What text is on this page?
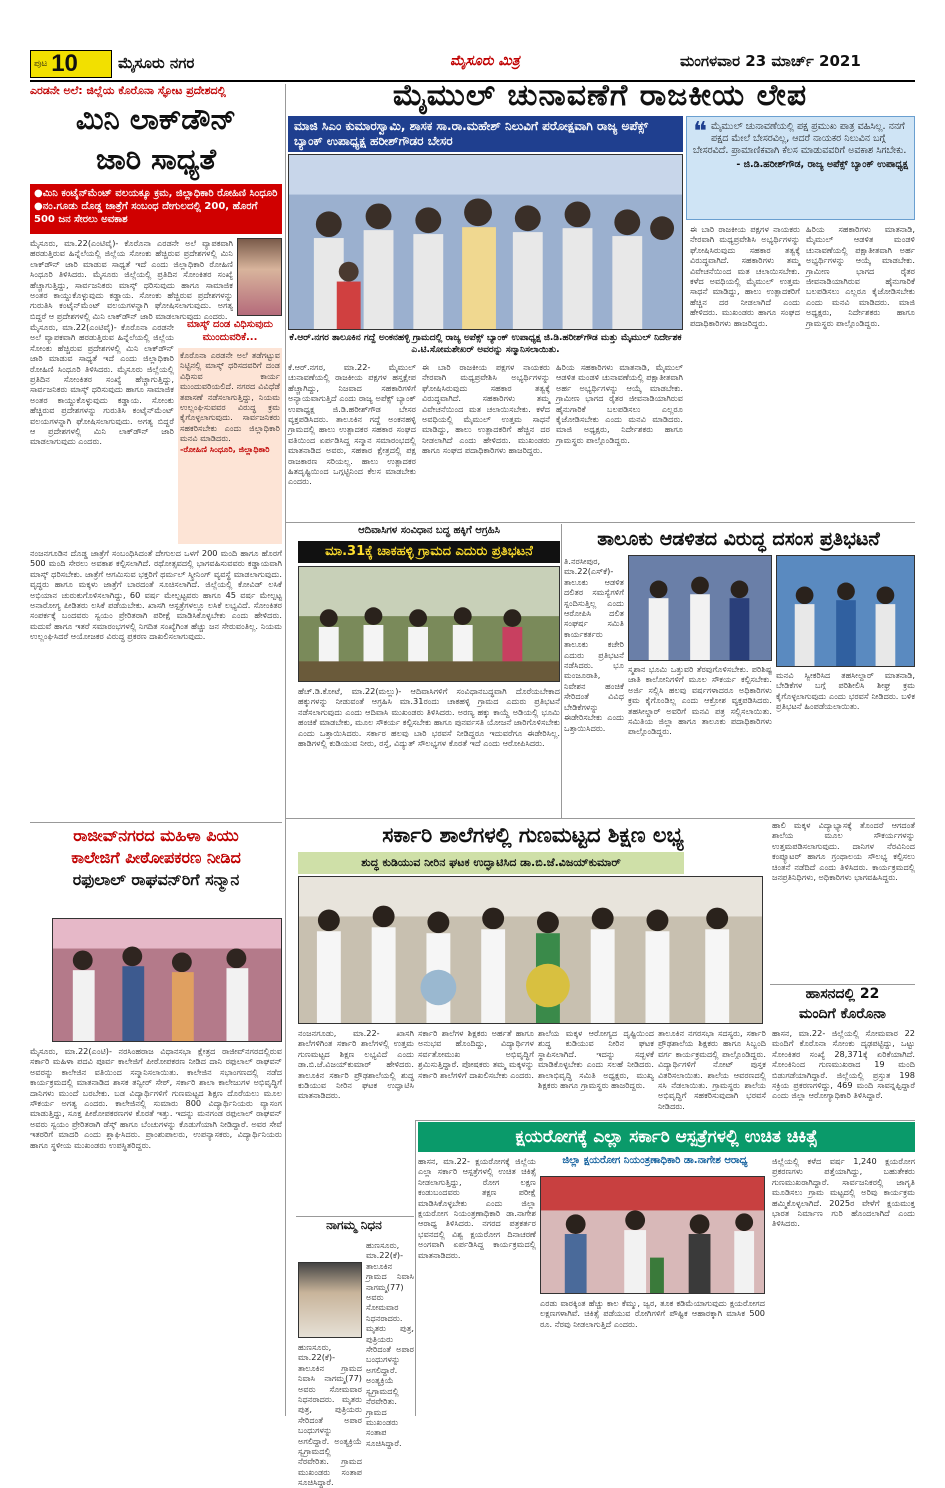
ಪುಟ 10	ಮೈಸೂರು ನಗರ	ಮೈಸೂರು ಮಿತ್ರ	ಮಂಗಳವಾರ 23 ಮಾರ್ಚ್ 2021
ಮೈಮುಲ್ ಚುನಾವಣೆಗೆ ರಾಜಕೀಯ ಲೇಪ
ಮಾಜಿ ಸಿಎಂ ಕುಮಾರಸ್ವಾಮಿ, ಶಾಸಕ ಸಾ.ರಾ.ಮಹೇಶ್ ನಿಲುವಿಗೆ ಪರೋಕ್ಷವಾಗಿ ರಾಜ್ಯ ಅಪೆಕ್ಸ್ ಬ್ಯಾಂಕ್ ಉಪಾಧ್ಯಕ್ಷ ಹರೀಶ್‌ಗೌಡರ ಬೇಸರ	❝ ಮೈಮುಲ್ ಚುನಾವಣೆಯಲ್ಲಿ ಪಕ್ಷ ಪ್ರಮುಖ ಪಾತ್ರ ವಹಿಸಿಲ್ಲ. ನನಗೆ ಪಕ್ಷದ ಮೇಲೆ ಬೇಸರವಿಲ್ಲ, ಆದರೆ ನಾಯಕರ ನಿಲುವಿನ ಬಗ್ಗೆ ಬೇಸರವಿದೆ. ಪ್ರಾಮಾಣಿಕವಾಗಿ ಕೆಲಸ ಮಾಡುವವರಿಗೆ ಅವಕಾಶ ಸಿಗಬೇಕು.
- ಜಿ.ಡಿ.ಹರೀಶ್‌ಗೌಡ, ರಾಜ್ಯ ಅಪೆಕ್ಸ್ ಬ್ಯಾಂಕ್ ಉಪಾಧ್ಯಕ್ಷ
ಕೆ.ಆರ್.ನಗರ ತಾಲೂಕಿನ ಗದ್ದೆ ಅಂಕನಹಳ್ಳಿ ಗ್ರಾಮದಲ್ಲಿ ರಾಜ್ಯ ಅಪೆಕ್ಸ್ ಬ್ಯಾಂಕ್ ಉಪಾಧ್ಯಕ್ಷ ಜಿ.ಡಿ.ಹರೀಶ್‌ಗೌಡ ಮತ್ತು ಮೈಮುಲ್ ನಿರ್ದೇಶಕ ಎ.ಟಿ.ಸೋಮಶೇಖರ್ ಅವರನ್ನು ಸನ್ಮಾನಿಸಲಾಯಿತು.
ಕೆ.ಆರ್.ನಗರ, ಮಾ.22- ಮೈಮುಲ್ ಚುನಾವಣೆಯಲ್ಲಿ ರಾಜಕೀಯ ಪಕ್ಷಗಳ ಹಸ್ತಕ್ಷೇಪ ಹೆಚ್ಚಾಗಿದ್ದು, ನಿಜವಾದ ಸಹಕಾರಿಗಳಿಗೆ ಅನ್ಯಾಯವಾಗುತ್ತಿದೆ ಎಂದು ರಾಜ್ಯ ಅಪೆಕ್ಸ್ ಬ್ಯಾಂಕ್ ಉಪಾಧ್ಯಕ್ಷ ಜಿ.ಡಿ.ಹರೀಶ್‌ಗೌಡ ಬೇಸರ ವ್ಯಕ್ತಪಡಿಸಿದರು. ತಾಲೂಕಿನ ಗದ್ದೆ ಅಂಕನಹಳ್ಳಿ ಗ್ರಾಮದಲ್ಲಿ ಹಾಲು ಉತ್ಪಾದಕರ ಸಹಕಾರ ಸಂಘದ ವತಿಯಿಂದ ಏರ್ಪಡಿಸಿದ್ದ ಸನ್ಮಾನ ಸಮಾರಂಭದಲ್ಲಿ ಮಾತನಾಡಿದ ಅವರು, ಸಹಕಾರ ಕ್ಷೇತ್ರದಲ್ಲಿ ಪಕ್ಷ ರಾಜಕಾರಣ ಸರಿಯಲ್ಲ. ಹಾಲು ಉತ್ಪಾದಕರ ಹಿತದೃಷ್ಟಿಯಿಂದ ಒಗ್ಗಟ್ಟಿನಿಂದ ಕೆಲಸ ಮಾಡಬೇಕು ಎಂದರು.
ಈ ಬಾರಿ ರಾಜಕೀಯ ಪಕ್ಷಗಳ ನಾಯಕರು ನೇರವಾಗಿ ಮಧ್ಯಪ್ರವೇಶಿಸಿ ಅಭ್ಯರ್ಥಿಗಳನ್ನು ಘೋಷಿಸಿರುವುದು ಸಹಕಾರ ತತ್ವಕ್ಕೆ ವಿರುದ್ಧವಾಗಿದೆ. ಸಹಕಾರಿಗಳು ತಮ್ಮ ವಿವೇಚನೆಯಿಂದ ಮತ ಚಲಾಯಿಸಬೇಕು. ಕಳೆದ ಅವಧಿಯಲ್ಲಿ ಮೈಮುಲ್ ಉತ್ತಮ ಸಾಧನೆ ಮಾಡಿದ್ದು, ಹಾಲು ಉತ್ಪಾದಕರಿಗೆ ಹೆಚ್ಚಿನ ದರ ನೀಡಲಾಗಿದೆ ಎಂದು ಹೇಳಿದರು. ಮುಖಂಡರು ಹಾಗೂ ಸಂಘದ ಪದಾಧಿಕಾರಿಗಳು ಹಾಜರಿದ್ದರು.
ಹಿರಿಯ ಸಹಕಾರಿಗಳು ಮಾತನಾಡಿ, ಮೈಮುಲ್ ಆಡಳಿತ ಮಂಡಳಿ ಚುನಾವಣೆಯಲ್ಲಿ ಪಕ್ಷಾತೀತವಾಗಿ ಅರ್ಹ ಅಭ್ಯರ್ಥಿಗಳನ್ನು ಆಯ್ಕೆ ಮಾಡಬೇಕು. ಗ್ರಾಮೀಣ ಭಾಗದ ರೈತರ ಜೀವನಾಡಿಯಾಗಿರುವ ಹೈನುಗಾರಿಕೆ ಬಲಪಡಿಸಲು ಎಲ್ಲರೂ ಕೈಜೋಡಿಸಬೇಕು ಎಂದು ಮನವಿ ಮಾಡಿದರು. ಮಾಜಿ ಅಧ್ಯಕ್ಷರು, ನಿರ್ದೇಶಕರು ಹಾಗೂ ಗ್ರಾಮಸ್ಥರು ಪಾಲ್ಗೊಂಡಿದ್ದರು.
ಈ ಬಾರಿ ರಾಜಕೀಯ ಪಕ್ಷಗಳ ನಾಯಕರು ನೇರವಾಗಿ ಮಧ್ಯಪ್ರವೇಶಿಸಿ ಅಭ್ಯರ್ಥಿಗಳನ್ನು ಘೋಷಿಸಿರುವುದು ಸಹಕಾರ ತತ್ವಕ್ಕೆ ವಿರುದ್ಧವಾಗಿದೆ. ಸಹಕಾರಿಗಳು ತಮ್ಮ ವಿವೇಚನೆಯಿಂದ ಮತ ಚಲಾಯಿಸಬೇಕು. ಕಳೆದ ಅವಧಿಯಲ್ಲಿ ಮೈಮುಲ್ ಉತ್ತಮ ಸಾಧನೆ ಮಾಡಿದ್ದು, ಹಾಲು ಉತ್ಪಾದಕರಿಗೆ ಹೆಚ್ಚಿನ ದರ ನೀಡಲಾಗಿದೆ ಎಂದು ಹೇಳಿದರು. ಮುಖಂಡರು ಹಾಗೂ ಸಂಘದ ಪದಾಧಿಕಾರಿಗಳು ಹಾಜರಿದ್ದರು.
ಹಿರಿಯ ಸಹಕಾರಿಗಳು ಮಾತನಾಡಿ, ಮೈಮುಲ್ ಆಡಳಿತ ಮಂಡಳಿ ಚುನಾವಣೆಯಲ್ಲಿ ಪಕ್ಷಾತೀತವಾಗಿ ಅರ್ಹ ಅಭ್ಯರ್ಥಿಗಳನ್ನು ಆಯ್ಕೆ ಮಾಡಬೇಕು. ಗ್ರಾಮೀಣ ಭಾಗದ ರೈತರ ಜೀವನಾಡಿಯಾಗಿರುವ ಹೈನುಗಾರಿಕೆ ಬಲಪಡಿಸಲು ಎಲ್ಲರೂ ಕೈಜೋಡಿಸಬೇಕು ಎಂದು ಮನವಿ ಮಾಡಿದರು. ಮಾಜಿ ಅಧ್ಯಕ್ಷರು, ನಿರ್ದೇಶಕರು ಹಾಗೂ ಗ್ರಾಮಸ್ಥರು ಪಾಲ್ಗೊಂಡಿದ್ದರು.
ಎರಡನೇ ಅಲೆ: ಜಿಲ್ಲೆಯ ಕೊರೊನಾ ಸ್ಫೋಟ ಪ್ರದೇಶದಲ್ಲಿ
ಮಿನಿ ಲಾಕ್‌ಡೌನ್
ಜಾರಿ ಸಾಧ್ಯತೆ
●ಮಿನಿ ಕಂಟೈನ್‌ಮೆಂಟ್ ವಲಯಕ್ಕೂ ಕ್ರಮ, ಜಿಲ್ಲಾಧಿಕಾರಿ ರೋಹಿಣಿ ಸಿಂಧೂರಿ ●ನಂ.ಗೂಡು ದೊಡ್ಡ ಜಾತ್ರೆಗೆ ಸಂಬಂಧ ದೇಗುಲದಲ್ಲಿ 200, ಹೊರಗೆ 500 ಜನ ಸೇರಲು ಅವಕಾಶ
ಮೈಸೂರು, ಮಾ.22(ಎಂಟಿವೈ)- ಕೊರೊನಾ ಎರಡನೇ ಅಲೆ ವ್ಯಾಪಕವಾಗಿ ಹರಡುತ್ತಿರುವ ಹಿನ್ನೆಲೆಯಲ್ಲಿ ಜಿಲ್ಲೆಯ ಸೋಂಕು ಹೆಚ್ಚಿರುವ ಪ್ರದೇಶಗಳಲ್ಲಿ ಮಿನಿ ಲಾಕ್‌ಡೌನ್ ಜಾರಿ ಮಾಡುವ ಸಾಧ್ಯತೆ ಇದೆ ಎಂದು ಜಿಲ್ಲಾಧಿಕಾರಿ ರೋಹಿಣಿ ಸಿಂಧೂರಿ ತಿಳಿಸಿದರು. ಮೈಸೂರು ಜಿಲ್ಲೆಯಲ್ಲಿ ಪ್ರತಿದಿನ ಸೋಂಕಿತರ ಸಂಖ್ಯೆ ಹೆಚ್ಚಾಗುತ್ತಿದ್ದು, ಸಾರ್ವಜನಿಕರು ಮಾಸ್ಕ್ ಧರಿಸುವುದು ಹಾಗೂ ಸಾಮಾಜಿಕ ಅಂತರ ಕಾಯ್ದುಕೊಳ್ಳುವುದು ಕಡ್ಡಾಯ. ಸೋಂಕು ಹೆಚ್ಚಿರುವ ಪ್ರದೇಶಗಳನ್ನು ಗುರುತಿಸಿ ಕಂಟೈನ್‌ಮೆಂಟ್ ವಲಯಗಳನ್ನಾಗಿ ಘೋಷಿಸಲಾಗುವುದು. ಅಗತ್ಯ ಬಿದ್ದರೆ ಆ ಪ್ರದೇಶಗಳಲ್ಲಿ ಮಿನಿ ಲಾಕ್‌ಡೌನ್ ಜಾರಿ ಮಾಡಲಾಗುವುದು ಎಂದರು.
ಮೈಸೂರು, ಮಾ.22(ಎಂಟಿವೈ)- ಕೊರೊನಾ ಎರಡನೇ ಅಲೆ ವ್ಯಾಪಕವಾಗಿ ಹರಡುತ್ತಿರುವ ಹಿನ್ನೆಲೆಯಲ್ಲಿ ಜಿಲ್ಲೆಯ ಸೋಂಕು ಹೆಚ್ಚಿರುವ ಪ್ರದೇಶಗಳಲ್ಲಿ ಮಿನಿ ಲಾಕ್‌ಡೌನ್ ಜಾರಿ ಮಾಡುವ ಸಾಧ್ಯತೆ ಇದೆ ಎಂದು ಜಿಲ್ಲಾಧಿಕಾರಿ ರೋಹಿಣಿ ಸಿಂಧೂರಿ ತಿಳಿಸಿದರು. ಮೈಸೂರು ಜಿಲ್ಲೆಯಲ್ಲಿ ಪ್ರತಿದಿನ ಸೋಂಕಿತರ ಸಂಖ್ಯೆ ಹೆಚ್ಚಾಗುತ್ತಿದ್ದು, ಸಾರ್ವಜನಿಕರು ಮಾಸ್ಕ್ ಧರಿಸುವುದು ಹಾಗೂ ಸಾಮಾಜಿಕ ಅಂತರ ಕಾಯ್ದುಕೊಳ್ಳುವುದು ಕಡ್ಡಾಯ. ಸೋಂಕು ಹೆಚ್ಚಿರುವ ಪ್ರದೇಶಗಳನ್ನು ಗುರುತಿಸಿ ಕಂಟೈನ್‌ಮೆಂಟ್ ವಲಯಗಳನ್ನಾಗಿ ಘೋಷಿಸಲಾಗುವುದು. ಅಗತ್ಯ ಬಿದ್ದರೆ ಆ ಪ್ರದೇಶಗಳಲ್ಲಿ ಮಿನಿ ಲಾಕ್‌ಡೌನ್ ಜಾರಿ ಮಾಡಲಾಗುವುದು ಎಂದರು.
ಮಾಸ್ಕ್ ದಂಡ ವಿಧಿಸುವುದು ಮುಂದುವರಿಕೆ...
ಕೊರೊನಾ ಎರಡನೇ ಅಲೆ ತಡೆಗಟ್ಟುವ ನಿಟ್ಟಿನಲ್ಲಿ ಮಾಸ್ಕ್ ಧರಿಸದವರಿಗೆ ದಂಡ ವಿಧಿಸುವ ಕಾರ್ಯ ಮುಂದುವರಿಯಲಿದೆ. ನಗರದ ವಿವಿಧೆಡೆ ತಪಾಸಣೆ ನಡೆಸಲಾಗುತ್ತಿದ್ದು, ನಿಯಮ ಉಲ್ಲಂಘಿಸುವವರ ವಿರುದ್ಧ ಕ್ರಮ ಕೈಗೊಳ್ಳಲಾಗುವುದು. ಸಾರ್ವಜನಿಕರು ಸಹಕರಿಸಬೇಕು ಎಂದು ಜಿಲ್ಲಾಧಿಕಾರಿ ಮನವಿ ಮಾಡಿದರು.
-ರೋಹಿಣಿ ಸಿಂಧೂರಿ, ಜಿಲ್ಲಾಧಿಕಾರಿ
ನಂಜನಗೂಡಿನ ದೊಡ್ಡ ಜಾತ್ರೆಗೆ ಸಂಬಂಧಿಸಿದಂತೆ ದೇಗುಲದ ಒಳಗೆ 200 ಮಂದಿ ಹಾಗೂ ಹೊರಗೆ 500 ಮಂದಿ ಸೇರಲು ಅವಕಾಶ ಕಲ್ಪಿಸಲಾಗಿದೆ. ರಥೋತ್ಸವದಲ್ಲಿ ಭಾಗವಹಿಸುವವರು ಕಡ್ಡಾಯವಾಗಿ ಮಾಸ್ಕ್ ಧರಿಸಬೇಕು. ಜಾತ್ರೆಗೆ ಆಗಮಿಸುವ ಭಕ್ತರಿಗೆ ಥರ್ಮಲ್ ಸ್ಕ್ರೀನಿಂಗ್ ವ್ಯವಸ್ಥೆ ಮಾಡಲಾಗುವುದು. ವೃದ್ಧರು ಹಾಗೂ ಮಕ್ಕಳು ಜಾತ್ರೆಗೆ ಬಾರದಂತೆ ಸೂಚಿಸಲಾಗಿದೆ. ಜಿಲ್ಲೆಯಲ್ಲಿ ಕೋವಿಡ್ ಲಸಿಕೆ ಅಭಿಯಾನ ಚುರುಕುಗೊಳಿಸಲಾಗಿದ್ದು, 60 ವರ್ಷ ಮೇಲ್ಪಟ್ಟವರು ಹಾಗೂ 45 ವರ್ಷ ಮೇಲ್ಪಟ್ಟ ಅನಾರೋಗ್ಯ ಪೀಡಿತರು ಲಸಿಕೆ ಪಡೆಯಬೇಕು. ಖಾಸಗಿ ಆಸ್ಪತ್ರೆಗಳಲ್ಲೂ ಲಸಿಕೆ ಲಭ್ಯವಿದೆ. ಸೋಂಕಿತರ ಸಂಪರ್ಕಕ್ಕೆ ಬಂದವರು ಸ್ವಯಂ ಪ್ರೇರಿತರಾಗಿ ಪರೀಕ್ಷೆ ಮಾಡಿಸಿಕೊಳ್ಳಬೇಕು ಎಂದು ಹೇಳಿದರು. ಮದುವೆ ಹಾಗೂ ಇತರೆ ಸಮಾರಂಭಗಳಲ್ಲಿ ನಿಗದಿತ ಸಂಖ್ಯೆಗಿಂತ ಹೆಚ್ಚು ಜನ ಸೇರುವಂತಿಲ್ಲ. ನಿಯಮ ಉಲ್ಲಂಘಿಸಿದರೆ ಆಯೋಜಕರ ವಿರುದ್ಧ ಪ್ರಕರಣ ದಾಖಲಿಸಲಾಗುವುದು.
ರಾಜೀವ್‌ನಗರದ ಮಹಿಳಾ ಪಿಯು
ಕಾಲೇಜಿಗೆ ಪೀಠೋಪಕರಣ ನೀಡಿದ
ರಫುಲಾಲ್ ರಾಘವನ್‌ರಿಗೆ ಸನ್ಮಾನ
ಮೈಸೂರು, ಮಾ.22(ಎಂಟಿ)- ನರಸಿಂಹರಾಜ ವಿಧಾನಸಭಾ ಕ್ಷೇತ್ರದ ರಾಜೀವ್‌ನಗರದಲ್ಲಿರುವ ಸರ್ಕಾರಿ ಮಹಿಳಾ ಪದವಿ ಪೂರ್ವ ಕಾಲೇಜಿಗೆ ಪೀಠೋಪಕರಣ ನೀಡಿದ ದಾನಿ ರಫುಲಾಲ್ ರಾಘವನ್ ಅವರನ್ನು ಕಾಲೇಜಿನ ವತಿಯಿಂದ ಸನ್ಮಾನಿಸಲಾಯಿತು. ಕಾಲೇಜಿನ ಸಭಾಂಗಣದಲ್ಲಿ ನಡೆದ ಕಾರ್ಯಕ್ರಮದಲ್ಲಿ ಮಾತನಾಡಿದ ಶಾಸಕ ತನ್ವೀರ್ ಸೇಠ್, ಸರ್ಕಾರಿ ಶಾಲಾ ಕಾಲೇಜುಗಳ ಅಭಿವೃದ್ಧಿಗೆ ದಾನಿಗಳು ಮುಂದೆ ಬರಬೇಕು. ಬಡ ವಿದ್ಯಾರ್ಥಿಗಳಿಗೆ ಗುಣಮಟ್ಟದ ಶಿಕ್ಷಣ ದೊರೆಯಲು ಮೂಲ ಸೌಕರ್ಯ ಅಗತ್ಯ ಎಂದರು. ಕಾಲೇಜಿನಲ್ಲಿ ಸುಮಾರು 800 ವಿದ್ಯಾರ್ಥಿನಿಯರು ವ್ಯಾಸಂಗ ಮಾಡುತ್ತಿದ್ದು, ಸೂಕ್ತ ಪೀಠೋಪಕರಣಗಳ ಕೊರತೆ ಇತ್ತು. ಇದನ್ನು ಮನಗಂಡ ರಫುಲಾಲ್ ರಾಘವನ್ ಅವರು ಸ್ವಯಂ ಪ್ರೇರಿತರಾಗಿ ಡೆಸ್ಕ್ ಹಾಗೂ ಬೆಂಚುಗಳನ್ನು ಕೊಡುಗೆಯಾಗಿ ನೀಡಿದ್ದಾರೆ. ಅವರ ಸೇವೆ ಇತರರಿಗೆ ಮಾದರಿ ಎಂದು ಶ್ಲಾಘಿಸಿದರು. ಪ್ರಾಂಶುಪಾಲರು, ಉಪನ್ಯಾಸಕರು, ವಿದ್ಯಾರ್ಥಿನಿಯರು ಹಾಗೂ ಸ್ಥಳೀಯ ಮುಖಂಡರು ಉಪಸ್ಥಿತರಿದ್ದರು.
ಆದಿವಾಸಿಗಳ ಸಂವಿಧಾನ ಬದ್ಧ ಹಕ್ಕಿಗೆ ಆಗ್ರಹಿಸಿ
ಮಾ.31ಕ್ಕೆ ಚಾಕಹಳ್ಳಿ ಗ್ರಾಮದ ಎದುರು ಪ್ರತಿಭಟನೆ
ಹೆಚ್.ಡಿ.ಕೋಟೆ, ಮಾ.22(ಮಲ್ಲು)- ಆದಿವಾಸಿಗಳಿಗೆ ಸಂವಿಧಾನಬದ್ಧವಾಗಿ ದೊರೆಯಬೇಕಾದ ಹಕ್ಕುಗಳನ್ನು ನೀಡುವಂತೆ ಆಗ್ರಹಿಸಿ ಮಾ.31ರಂದು ಚಾಕಹಳ್ಳಿ ಗ್ರಾಮದ ಎದುರು ಪ್ರತಿಭಟನೆ ನಡೆಸಲಾಗುವುದು ಎಂದು ಆದಿವಾಸಿ ಮುಖಂಡರು ತಿಳಿಸಿದರು. ಅರಣ್ಯ ಹಕ್ಕು ಕಾಯ್ದೆ ಅಡಿಯಲ್ಲಿ ಭೂಮಿ ಹಂಚಿಕೆ ಮಾಡಬೇಕು, ಮೂಲ ಸೌಕರ್ಯ ಕಲ್ಪಿಸಬೇಕು ಹಾಗೂ ಪುನರ್ವಸತಿ ಯೋಜನೆ ಜಾರಿಗೊಳಿಸಬೇಕು ಎಂದು ಒತ್ತಾಯಿಸಿದರು. ಸರ್ಕಾರ ಹಲವು ಬಾರಿ ಭರವಸೆ ನೀಡಿದ್ದರೂ ಇದುವರೆಗೂ ಈಡೇರಿಸಿಲ್ಲ. ಹಾಡಿಗಳಲ್ಲಿ ಕುಡಿಯುವ ನೀರು, ರಸ್ತೆ, ವಿದ್ಯುತ್ ಸೌಲಭ್ಯಗಳ ಕೊರತೆ ಇದೆ ಎಂದು ಆರೋಪಿಸಿದರು.
ತಾಲೂಕು ಆಡಳಿತದ ವಿರುದ್ಧ ದಸಂಸ ಪ್ರತಿಭಟನೆ
ತಿ.ನರಸೀಪುರ, ಮಾ.22(ಎಸ್‌ಕೆ)- ತಾಲೂಕು ಆಡಳಿತ ದಲಿತರ ಸಮಸ್ಯೆಗಳಿಗೆ ಸ್ಪಂದಿಸುತ್ತಿಲ್ಲ ಎಂದು ಆರೋಪಿಸಿ ದಲಿತ ಸಂಘರ್ಷ ಸಮಿತಿ ಕಾರ್ಯಕರ್ತರು ತಾಲೂಕು ಕಚೇರಿ ಎದುರು ಪ್ರತಿಭಟನೆ ನಡೆಸಿದರು. ಭೂ ಮಂಜೂರಾತಿ, ನಿವೇಶನ ಹಂಚಿಕೆ ಸೇರಿದಂತೆ ವಿವಿಧ ಬೇಡಿಕೆಗಳನ್ನು ಈಡೇರಿಸಬೇಕು ಎಂದು ಒತ್ತಾಯಿಸಿದರು.
ಸ್ಮಶಾನ ಭೂಮಿ ಒತ್ತುವರಿ ತೆರವುಗೊಳಿಸಬೇಕು. ಪರಿಶಿಷ್ಟ ಜಾತಿ ಕಾಲೋನಿಗಳಿಗೆ ಮೂಲ ಸೌಕರ್ಯ ಕಲ್ಪಿಸಬೇಕು. ಅರ್ಜಿ ಸಲ್ಲಿಸಿ ಹಲವು ವರ್ಷಗಳಾದರೂ ಅಧಿಕಾರಿಗಳು ಕ್ರಮ ಕೈಗೊಂಡಿಲ್ಲ ಎಂದು ಆಕ್ರೋಶ ವ್ಯಕ್ತಪಡಿಸಿದರು. ತಹಸೀಲ್ದಾರ್ ಅವರಿಗೆ ಮನವಿ ಪತ್ರ ಸಲ್ಲಿಸಲಾಯಿತು. ಸಮಿತಿಯ ಜಿಲ್ಲಾ ಹಾಗೂ ತಾಲೂಕು ಪದಾಧಿಕಾರಿಗಳು ಪಾಲ್ಗೊಂಡಿದ್ದರು.
ಮನವಿ ಸ್ವೀಕರಿಸಿದ ತಹಸೀಲ್ದಾರ್ ಮಾತನಾಡಿ, ಬೇಡಿಕೆಗಳ ಬಗ್ಗೆ ಪರಿಶೀಲಿಸಿ ಶೀಘ್ರ ಕ್ರಮ ಕೈಗೊಳ್ಳಲಾಗುವುದು ಎಂದು ಭರವಸೆ ನೀಡಿದರು. ಬಳಿಕ ಪ್ರತಿಭಟನೆ ಹಿಂಪಡೆಯಲಾಯಿತು.
ಸರ್ಕಾರಿ ಶಾಲೆಗಳಲ್ಲಿ ಗುಣಮಟ್ಟದ ಶಿಕ್ಷಣ ಲಭ್ಯ
ಶುದ್ಧ ಕುಡಿಯುವ ನೀರಿನ ಘಟಕ ಉದ್ಘಾಟಿಸಿದ ಡಾ.ಬಿ.ಜೆ.ವಿಜಯ್‌ಕುಮಾರ್
ನಂಜನಗೂಡು, ಮಾ.22- ಖಾಸಗಿ ಶಾಲೆಗಳಿಗಿಂತ ಸರ್ಕಾರಿ ಶಾಲೆಗಳಲ್ಲಿ ಉತ್ತಮ ಗುಣಮಟ್ಟದ ಶಿಕ್ಷಣ ಲಭ್ಯವಿದೆ ಎಂದು ಡಾ.ಬಿ.ಜೆ.ವಿಜಯ್‌ಕುಮಾರ್ ಹೇಳಿದರು. ತಾಲೂಕಿನ ಸರ್ಕಾರಿ ಪ್ರೌಢಶಾಲೆಯಲ್ಲಿ ಶುದ್ಧ ಕುಡಿಯುವ ನೀರಿನ ಘಟಕ ಉದ್ಘಾಟಿಸಿ ಮಾತನಾಡಿದರು.
ಸರ್ಕಾರಿ ಶಾಲೆಗಳ ಶಿಕ್ಷಕರು ಅರ್ಹತೆ ಹಾಗೂ ಅನುಭವ ಹೊಂದಿದ್ದು, ವಿದ್ಯಾರ್ಥಿಗಳ ಸರ್ವತೋಮುಖ ಅಭಿವೃದ್ಧಿಗೆ ಶ್ರಮಿಸುತ್ತಿದ್ದಾರೆ. ಪೋಷಕರು ತಮ್ಮ ಮಕ್ಕಳನ್ನು ಸರ್ಕಾರಿ ಶಾಲೆಗಳಿಗೆ ದಾಖಲಿಸಬೇಕು ಎಂದರು.
ಶಾಲೆಯ ಮಕ್ಕಳ ಆರೋಗ್ಯದ ದೃಷ್ಟಿಯಿಂದ ಶುದ್ಧ ಕುಡಿಯುವ ನೀರಿನ ಘಟಕ ಸ್ಥಾಪಿಸಲಾಗಿದೆ. ಇದನ್ನು ಸದ್ಬಳಕೆ ಮಾಡಿಕೊಳ್ಳಬೇಕು ಎಂದು ಸಲಹೆ ನೀಡಿದರು. ಶಾಲಾಭಿವೃದ್ಧಿ ಸಮಿತಿ ಅಧ್ಯಕ್ಷರು, ಮುಖ್ಯ ಶಿಕ್ಷಕರು ಹಾಗೂ ಗ್ರಾಮಸ್ಥರು ಹಾಜರಿದ್ದರು.
ತಾಲೂಕಿನ ನಗರಸಭಾ ಸದಸ್ಯರು, ಸರ್ಕಾರಿ ಪ್ರೌಢಶಾಲೆಯ ಶಿಕ್ಷಕರು ಹಾಗೂ ಸಿಬ್ಬಂದಿ ವರ್ಗ ಕಾರ್ಯಕ್ರಮದಲ್ಲಿ ಪಾಲ್ಗೊಂಡಿದ್ದರು. ವಿದ್ಯಾರ್ಥಿಗಳಿಗೆ ನೋಟ್ ಪುಸ್ತಕ ವಿತರಿಸಲಾಯಿತು. ಶಾಲೆಯ ಆವರಣದಲ್ಲಿ ಸಸಿ ನೆಡಲಾಯಿತು. ಗ್ರಾಮಸ್ಥರು ಶಾಲೆಯ ಅಭಿವೃದ್ಧಿಗೆ ಸಹಕರಿಸುವುದಾಗಿ ಭರವಸೆ ನೀಡಿದರು.
ಹಾಲಿ ಮಕ್ಕಳ ವಿದ್ಯಾಭ್ಯಾಸಕ್ಕೆ ತೊಂದರೆ ಆಗದಂತೆ ಶಾಲೆಯ ಮೂಲ ಸೌಕರ್ಯಗಳನ್ನು ಉತ್ತಮಪಡಿಸಲಾಗುವುದು. ದಾನಿಗಳ ನೆರವಿನಿಂದ ಕಂಪ್ಯೂಟರ್ ಹಾಗೂ ಗ್ರಂಥಾಲಯ ಸೌಲಭ್ಯ ಕಲ್ಪಿಸಲು ಚಿಂತನೆ ನಡೆದಿದೆ ಎಂದು ತಿಳಿಸಿದರು. ಕಾರ್ಯಕ್ರಮದಲ್ಲಿ ಜನಪ್ರತಿನಿಧಿಗಳು, ಅಧಿಕಾರಿಗಳು ಭಾಗವಹಿಸಿದ್ದರು.
ಹಾಸನದಲ್ಲಿ 22
ಮಂದಿಗೆ ಕೊರೊನಾ
ಹಾಸನ, ಮಾ.22- ಜಿಲ್ಲೆಯಲ್ಲಿ ಸೋಮವಾರ 22 ಮಂದಿಗೆ ಕೊರೊನಾ ಸೋಂಕು ದೃಢಪಟ್ಟಿದ್ದು, ಒಟ್ಟು ಸೋಂಕಿತರ ಸಂಖ್ಯೆ 28,371ಕ್ಕೆ ಏರಿಕೆಯಾಗಿದೆ. ಸೋಂಕಿನಿಂದ ಗುಣಮುಖರಾದ 19 ಮಂದಿ ಬಿಡುಗಡೆಯಾಗಿದ್ದಾರೆ. ಜಿಲ್ಲೆಯಲ್ಲಿ ಪ್ರಸ್ತುತ 198 ಸಕ್ರಿಯ ಪ್ರಕರಣಗಳಿದ್ದು, 469 ಮಂದಿ ಸಾವನ್ನಪ್ಪಿದ್ದಾರೆ ಎಂದು ಜಿಲ್ಲಾ ಆರೋಗ್ಯಾಧಿಕಾರಿ ತಿಳಿಸಿದ್ದಾರೆ.
ಕ್ಷಯರೋಗಕ್ಕೆ ಎಲ್ಲಾ ಸರ್ಕಾರಿ ಆಸ್ಪತ್ರೆಗಳಲ್ಲಿ ಉಚಿತ ಚಿಕಿತ್ಸೆ
ಜಿಲ್ಲಾ ಕ್ಷಯರೋಗ ನಿಯಂತ್ರಣಾಧಿಕಾರಿ ಡಾ.ನಾಗೇಶ ಆರಾಧ್ಯ
ಹಾಸನ, ಮಾ.22- ಕ್ಷಯರೋಗಕ್ಕೆ ಜಿಲ್ಲೆಯ ಎಲ್ಲಾ ಸರ್ಕಾರಿ ಆಸ್ಪತ್ರೆಗಳಲ್ಲಿ ಉಚಿತ ಚಿಕಿತ್ಸೆ ನೀಡಲಾಗುತ್ತಿದ್ದು, ರೋಗ ಲಕ್ಷಣ ಕಂಡುಬಂದವರು ತಕ್ಷಣ ಪರೀಕ್ಷೆ ಮಾಡಿಸಿಕೊಳ್ಳಬೇಕು ಎಂದು ಜಿಲ್ಲಾ ಕ್ಷಯರೋಗ ನಿಯಂತ್ರಣಾಧಿಕಾರಿ ಡಾ.ನಾಗೇಶ ಆರಾಧ್ಯ ತಿಳಿಸಿದರು. ನಗರದ ಪತ್ರಕರ್ತರ ಭವನದಲ್ಲಿ ವಿಶ್ವ ಕ್ಷಯರೋಗ ದಿನಾಚರಣೆ ಅಂಗವಾಗಿ ಏರ್ಪಡಿಸಿದ್ದ ಕಾರ್ಯಕ್ರಮದಲ್ಲಿ ಮಾತನಾಡಿದರು.
ಎರಡು ವಾರಕ್ಕಿಂತ ಹೆಚ್ಚು ಕಾಲ ಕೆಮ್ಮು, ಜ್ವರ, ತೂಕ ಕಡಿಮೆಯಾಗುವುದು ಕ್ಷಯರೋಗದ ಲಕ್ಷಣಗಳಾಗಿವೆ. ಚಿಕಿತ್ಸೆ ಪಡೆಯುವ ರೋಗಿಗಳಿಗೆ ಪೌಷ್ಟಿಕ ಆಹಾರಕ್ಕಾಗಿ ಮಾಸಿಕ 500 ರೂ. ನೆರವು ನೀಡಲಾಗುತ್ತಿದೆ ಎಂದರು.
ಜಿಲ್ಲೆಯಲ್ಲಿ ಕಳೆದ ವರ್ಷ 1,240 ಕ್ಷಯರೋಗ ಪ್ರಕರಣಗಳು ಪತ್ತೆಯಾಗಿದ್ದು, ಬಹುತೇಕರು ಗುಣಮುಖರಾಗಿದ್ದಾರೆ. ಸಾರ್ವಜನಿಕರಲ್ಲಿ ಜಾಗೃತಿ ಮೂಡಿಸಲು ಗ್ರಾಮ ಮಟ್ಟದಲ್ಲಿ ಅರಿವು ಕಾರ್ಯಕ್ರಮ ಹಮ್ಮಿಕೊಳ್ಳಲಾಗಿದೆ. 2025ರ ವೇಳೆಗೆ ಕ್ಷಯಮುಕ್ತ ಭಾರತ ನಿರ್ಮಾಣ ಗುರಿ ಹೊಂದಲಾಗಿದೆ ಎಂದು ತಿಳಿಸಿದರು.
ನಾಗಮ್ಮ ನಿಧನ
ಹುಣಸೂರು, ಮಾ.22(ಕೆ)- ತಾಲೂಕಿನ ಗ್ರಾಮದ ನಿವಾಸಿ ನಾಗಮ್ಮ(77) ಅವರು ಸೋಮವಾರ ನಿಧನರಾದರು. ಮೃತರು ಪುತ್ರ, ಪುತ್ರಿಯರು ಸೇರಿದಂತೆ ಅಪಾರ ಬಂಧುಗಳನ್ನು ಅಗಲಿದ್ದಾರೆ. ಅಂತ್ಯಕ್ರಿಯೆ ಸ್ವಗ್ರಾಮದಲ್ಲಿ ನೆರವೇರಿತು. ಗ್ರಾಮದ ಮುಖಂಡರು ಸಂತಾಪ ಸೂಚಿಸಿದ್ದಾರೆ.
ಹುಣಸೂರು, ಮಾ.22(ಕೆ)- ತಾಲೂಕಿನ ಗ್ರಾಮದ ನಿವಾಸಿ ನಾಗಮ್ಮ(77) ಅವರು ಸೋಮವಾರ ನಿಧನರಾದರು. ಮೃತರು ಪುತ್ರ, ಪುತ್ರಿಯರು ಸೇರಿದಂತೆ ಅಪಾರ ಬಂಧುಗಳನ್ನು ಅಗಲಿದ್ದಾರೆ. ಅಂತ್ಯಕ್ರಿಯೆ ಸ್ವಗ್ರಾಮದಲ್ಲಿ ನೆರವೇರಿತು. ಗ್ರಾಮದ ಮುಖಂಡರು ಸಂತಾಪ ಸೂಚಿಸಿದ್ದಾರೆ.
